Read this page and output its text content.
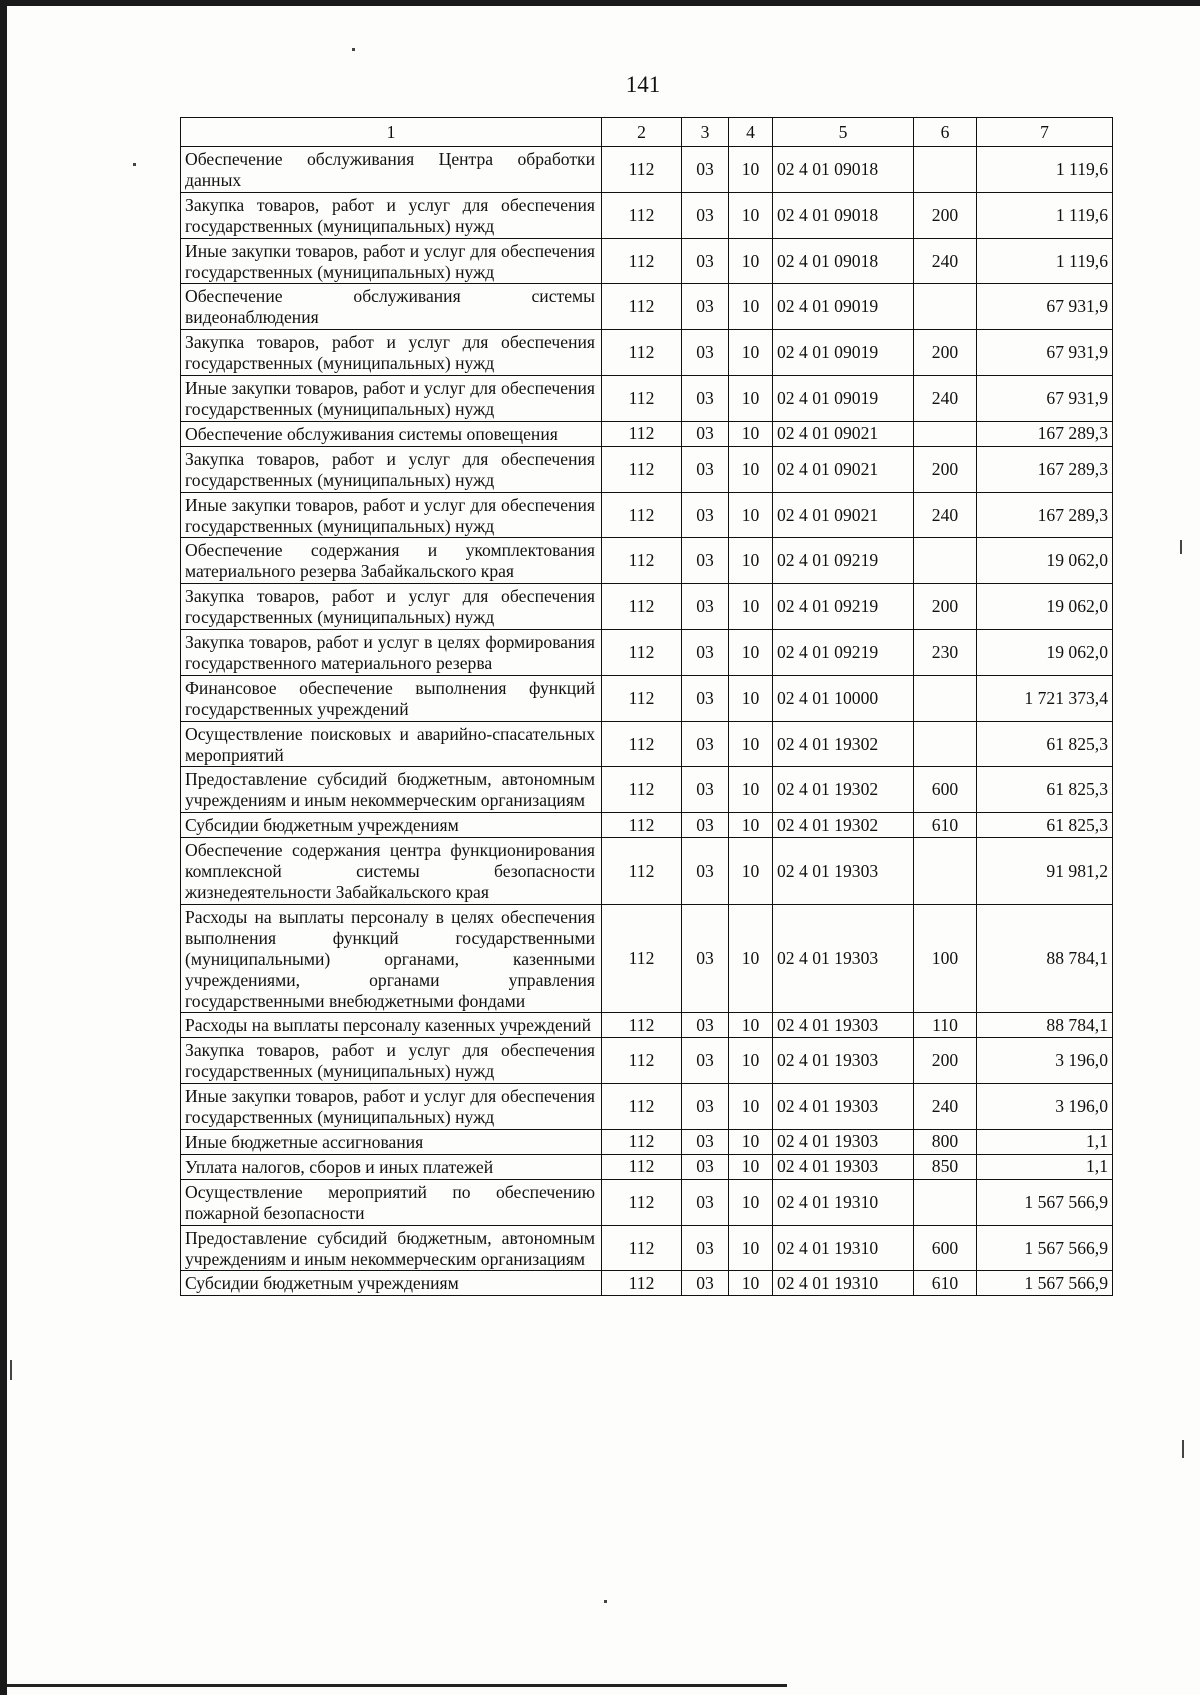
141
1	2	3	4	5	6	7
Обеспечение обслуживания Центра обработки данных	112	03	10	02 4 01 09018		1 119,6
Закупка товаров, работ и услуг для обеспечения государственных (муниципальных) нужд	112	03	10	02 4 01 09018	200	1 119,6
Иные закупки товаров, работ и услуг для обеспечения государственных (муниципальных) нужд	112	03	10	02 4 01 09018	240	1 119,6
Обеспечение обслуживания системы видеонаблюдения	112	03	10	02 4 01 09019		67 931,9
Закупка товаров, работ и услуг для обеспечения государственных (муниципальных) нужд	112	03	10	02 4 01 09019	200	67 931,9
Иные закупки товаров, работ и услуг для обеспечения государственных (муниципальных) нужд	112	03	10	02 4 01 09019	240	67 931,9
Обеспечение обслуживания системы оповещения	112	03	10	02 4 01 09021		167 289,3
Закупка товаров, работ и услуг для обеспечения государственных (муниципальных) нужд	112	03	10	02 4 01 09021	200	167 289,3
Иные закупки товаров, работ и услуг для обеспечения государственных (муниципальных) нужд	112	03	10	02 4 01 09021	240	167 289,3
Обеспечение содержания и укомплектования материального резерва Забайкальского края	112	03	10	02 4 01 09219		19 062,0
Закупка товаров, работ и услуг для обеспечения государственных (муниципальных) нужд	112	03	10	02 4 01 09219	200	19 062,0
Закупка товаров, работ и услуг в целях формирования государственного материального резерва	112	03	10	02 4 01 09219	230	19 062,0
Финансовое обеспечение выполнения функций государственных учреждений	112	03	10	02 4 01 10000		1 721 373,4
Осуществление поисковых и аварийно-спасательных мероприятий	112	03	10	02 4 01 19302		61 825,3
Предоставление субсидий бюджетным, автономным учреждениям и иным некоммерческим организациям	112	03	10	02 4 01 19302	600	61 825,3
Субсидии бюджетным учреждениям	112	03	10	02 4 01 19302	610	61 825,3
Обеспечение содержания центра функционирования комплексной системы безопасности жизнедеятельности Забайкальского края	112	03	10	02 4 01 19303		91 981,2
Расходы на выплаты персоналу в целях обеспечения выполнения функций государственными (муниципальными) органами, казенными учреждениями, органами управления государственными внебюджетными фондами	112	03	10	02 4 01 19303	100	88 784,1
Расходы на выплаты персоналу казенных учреждений	112	03	10	02 4 01 19303	110	88 784,1
Закупка товаров, работ и услуг для обеспечения государственных (муниципальных) нужд	112	03	10	02 4 01 19303	200	3 196,0
Иные закупки товаров, работ и услуг для обеспечения государственных (муниципальных) нужд	112	03	10	02 4 01 19303	240	3 196,0
Иные бюджетные ассигнования	112	03	10	02 4 01 19303	800	1,1
Уплата налогов, сборов и иных платежей	112	03	10	02 4 01 19303	850	1,1
Осуществление мероприятий по обеспечению пожарной безопасности	112	03	10	02 4 01 19310		1 567 566,9
Предоставление субсидий бюджетным, автономным учреждениям и иным некоммерческим организациям	112	03	10	02 4 01 19310	600	1 567 566,9
Субсидии бюджетным учреждениям	112	03	10	02 4 01 19310	610	1 567 566,9
